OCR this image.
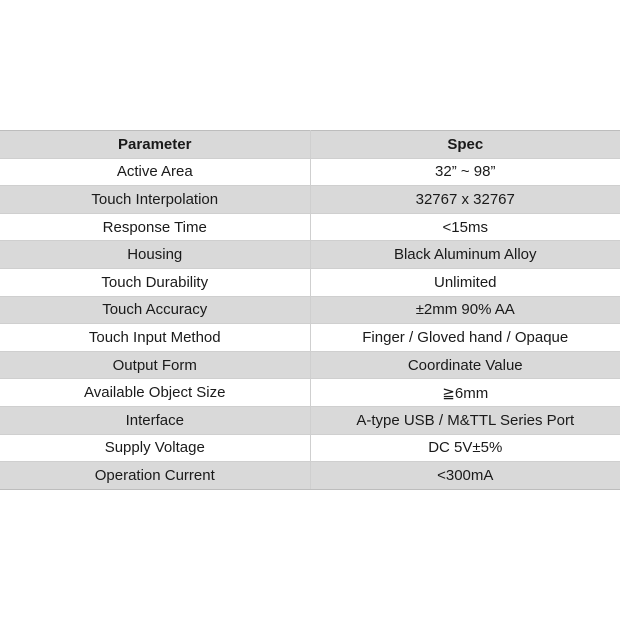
Parameter	Spec
Active Area	32” ~ 98”
Touch Interpolation	32767 x 32767
Response Time	<15ms
Housing	Black Aluminum Alloy
Touch Durability	Unlimited
Touch Accuracy	±2mm 90% AA
Touch Input Method	Finger / Gloved hand / Opaque
Output Form	Coordinate Value
Available Object Size	≧6mm
Interface	A-type USB / M&TTL Series Port
Supply Voltage	DC 5V±5%
Operation Current	<300mA
